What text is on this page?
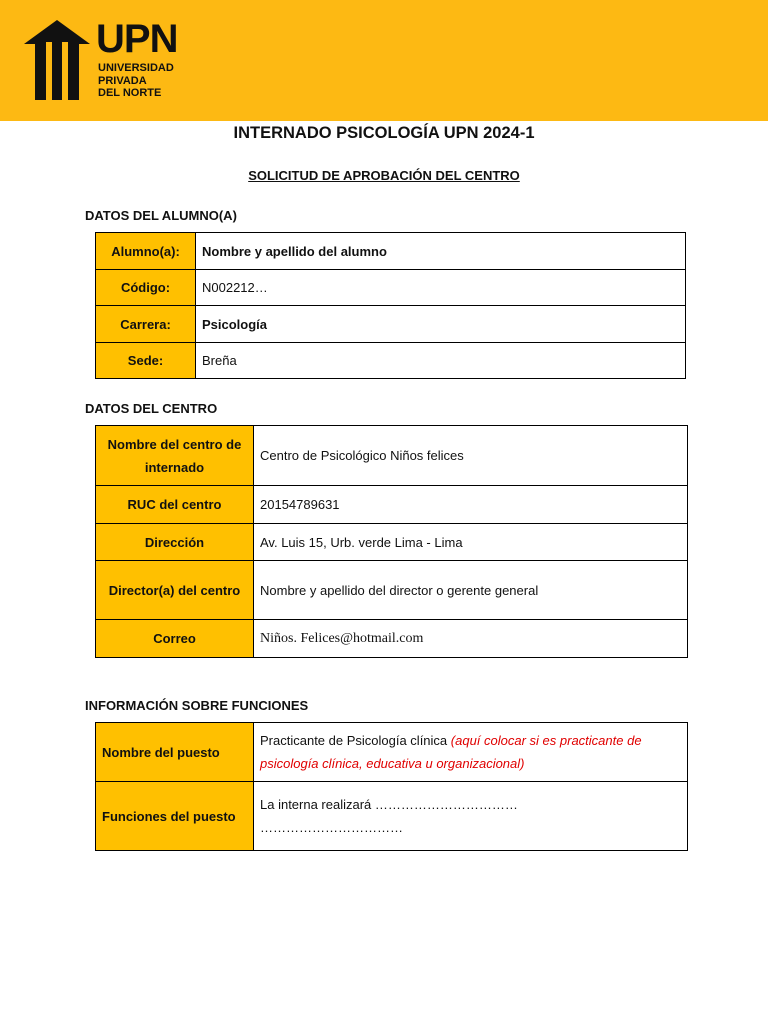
UPN
UNIVERSIDAD
PRIVADA
DEL NORTE
INTERNADO PSICOLOGÍA UPN 2024-1
SOLICITUD DE APROBACIÓN DEL CENTRO
DATOS DEL ALUMNO(A)
Alumno(a):	Nombre y apellido del alumno
Código:	N002212…
Carrera:	Psicología
Sede:	Breña
DATOS DEL CENTRO
Nombre del centro de internado	Centro de Psicológico Niños felices
RUC del centro	20154789631
Dirección	Av. Luis 15, Urb. verde Lima - Lima
Director(a) del centro	Nombre y apellido del director o gerente general
Correo	Niños. Felices@hotmail.com
INFORMACIÓN SOBRE FUNCIONES
Nombre del puesto	Practicante de Psicología clínica (aquí colocar si es practicante de psicología clínica, educativa u organizacional)
Funciones del puesto	La interna realizará ……………………………
……………………………
